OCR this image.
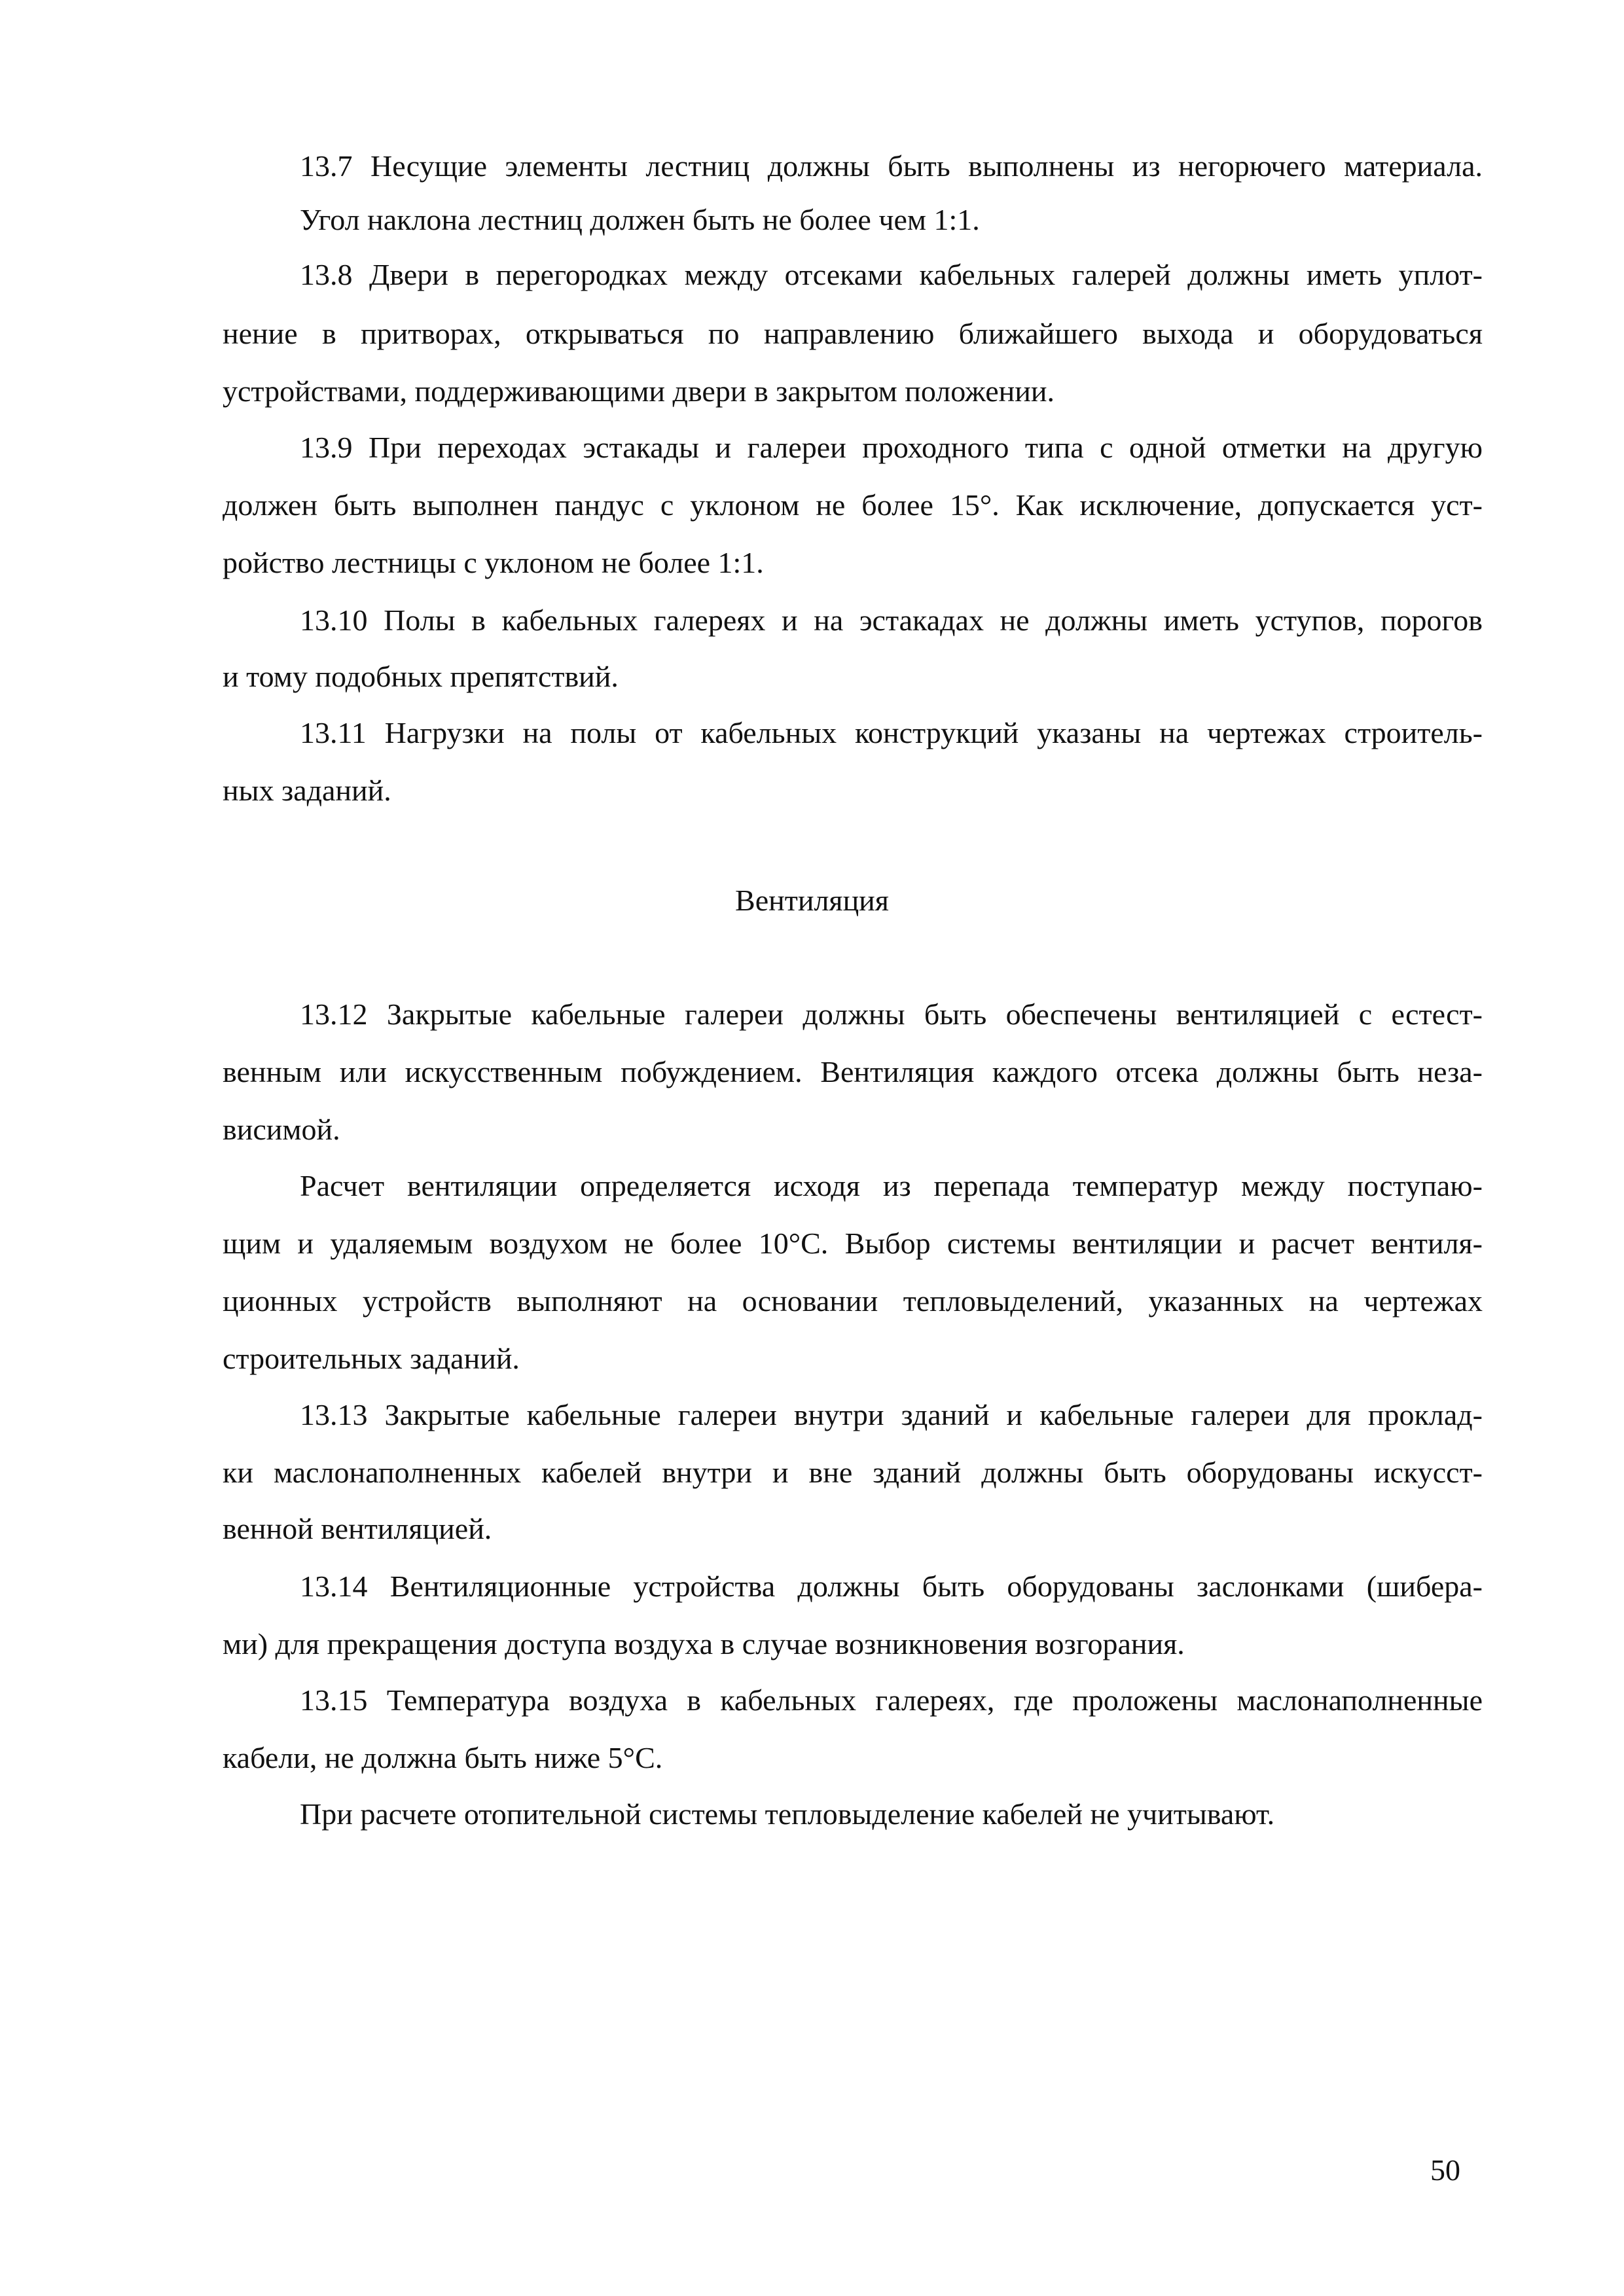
13.7 Несущие элементы лестниц должны быть выполнены из негорючего материала.
Угол наклона лестниц должен быть не более чем 1:1.
13.8 Двери в перегородках между отсеками кабельных галерей должны иметь уплот-
нение в притворах, открываться по направлению ближайшего выхода и оборудоваться
устройствами, поддерживающими двери в закрытом положении.
13.9 При переходах эстакады и галереи проходного типа с одной отметки на другую
должен быть выполнен пандус с уклоном не более 15°. Как исключение, допускается уст-
ройство лестницы с уклоном не более 1:1.
13.10 Полы в кабельных галереях и на эстакадах не должны иметь уступов, порогов
и тому подобных препятствий.
13.11 Нагрузки на полы от кабельных конструкций указаны на чертежах строитель-
ных заданий.
Вентиляция
13.12 Закрытые кабельные галереи должны быть обеспечены вентиляцией с естест-
венным или искусственным побуждением. Вентиляция каждого отсека должны быть неза-
висимой.
Расчет вентиляции определяется исходя из перепада температур между поступаю-
щим и удаляемым воздухом не более 10°С. Выбор системы вентиляции и расчет вентиля-
ционных устройств выполняют на основании тепловыделений, указанных на чертежах
строительных заданий.
13.13 Закрытые кабельные галереи внутри зданий и кабельные галереи для проклад-
ки маслонаполненных кабелей внутри и вне зданий должны быть оборудованы искусст-
венной вентиляцией.
13.14 Вентиляционные устройства должны быть оборудованы заслонками (шибера-
ми) для прекращения доступа воздуха в случае возникновения возгорания.
13.15 Температура воздуха в кабельных галереях, где проложены маслонаполненные
кабели, не должна быть ниже 5°С.
При расчете отопительной системы тепловыделение кабелей не учитывают.
50
